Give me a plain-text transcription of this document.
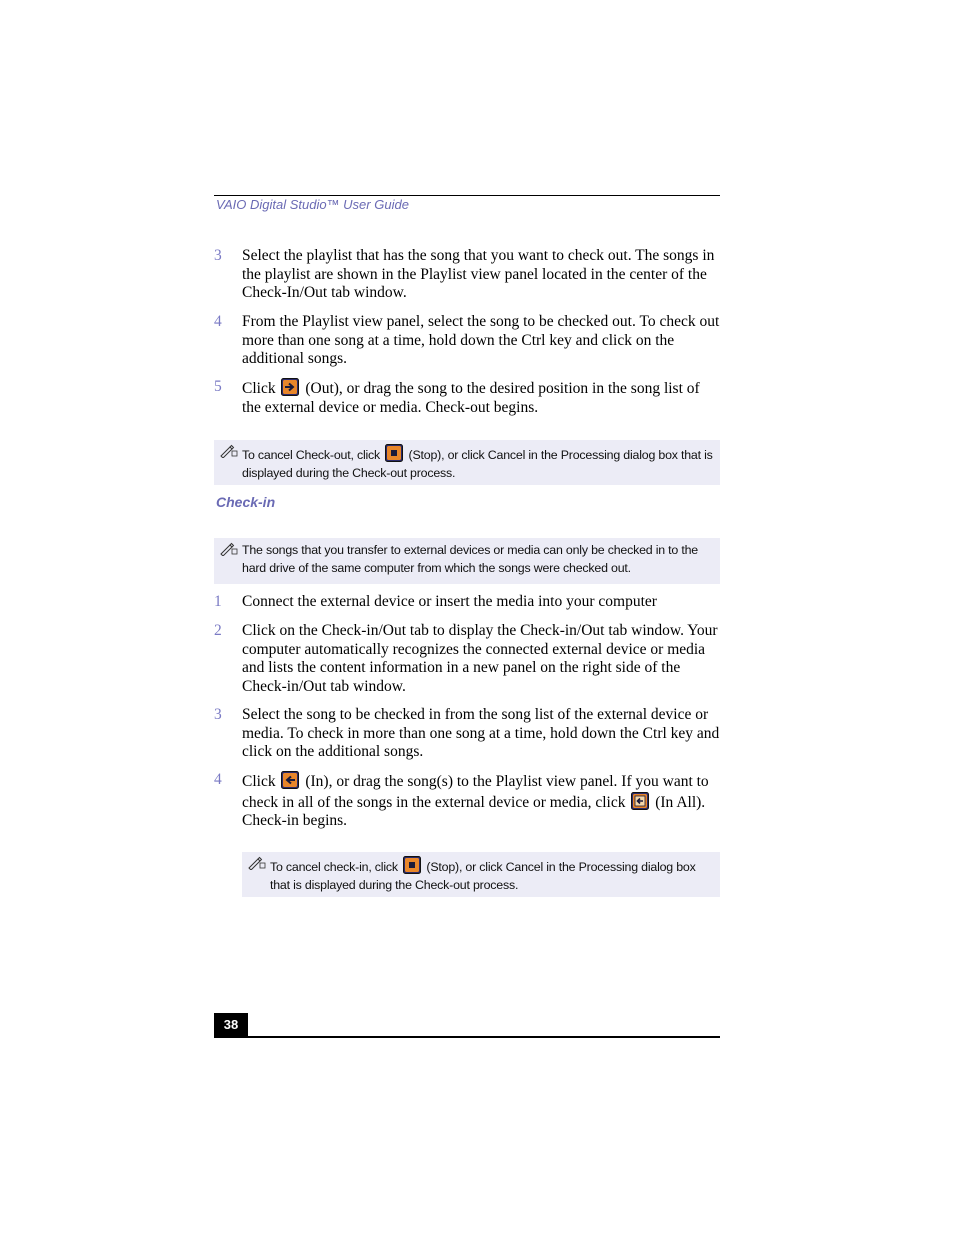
VAIO Digital Studio™ User Guide
3	Select the playlist that has the song that you want to check out. The songs in the playlist are shown in the Playlist view panel located in the center of the Check-In/Out tab window.
4	From the Playlist view panel, select the song to be checked out. To check out more than one song at a time, hold down the Ctrl key and click on the additional songs.
5	Click (Out), or drag the song to the desired position in the song list of the external device or media. Check-out begins.
To cancel Check-out, click (Stop), or click Cancel in the Processing dialog box that is displayed during the Check-out process.
Check-in
The songs that you transfer to external devices or media can only be checked in to the hard drive of the same computer from which the songs were checked out.
1	Connect the external device or insert the media into your computer
2	Click on the Check-in/Out tab to display the Check-in/Out tab window. Your computer automatically recognizes the connected external device or media and lists the content information in a new panel on the right side of the Check-in/Out tab window.
3	Select the song to be checked in from the song list of the external device or media. To check in more than one song at a time, hold down the Ctrl key and click on the additional songs.
4	Click (In), or drag the song(s) to the Playlist view panel. If you want to check in all of the songs in the external device or media, click (In All). Check-in begins.
To cancel check-in, click (Stop), or click Cancel in the Processing dialog box that is displayed during the Check-out process.
38
